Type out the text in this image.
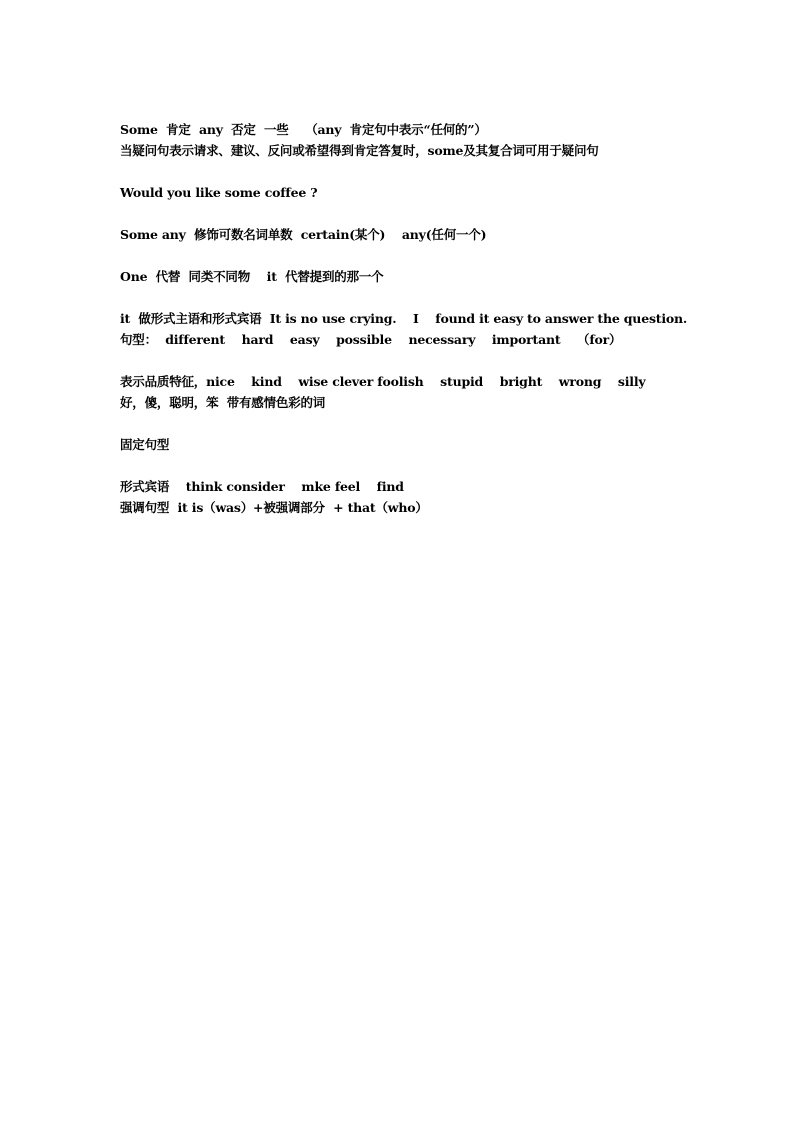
Some  肯定  any  否定  一些    （any  肯定句中表示“任何的”）
当疑问句表示请求、建议、反问或希望得到肯定答复时，some及其复合词可用于疑问句
Would you like some coffee ?
Some any  修饰可数名词单数  certain(某个)    any(任何一个)
One  代替  同类不同物    it  代替提到的那一个
it  做形式主语和形式宾语  It is no use crying.    I    found it easy to answer the question.
句型：  different    hard    easy    possible    necessary    important    （for）
表示品质特征，nice    kind    wise clever foolish    stupid    bright    wrong    silly
好，傻，聪明，笨  带有感情色彩的词
固定句型
形式宾语    think consider    mke feel    find
强调句型  it is（was）+被强调部分  + that（who）
